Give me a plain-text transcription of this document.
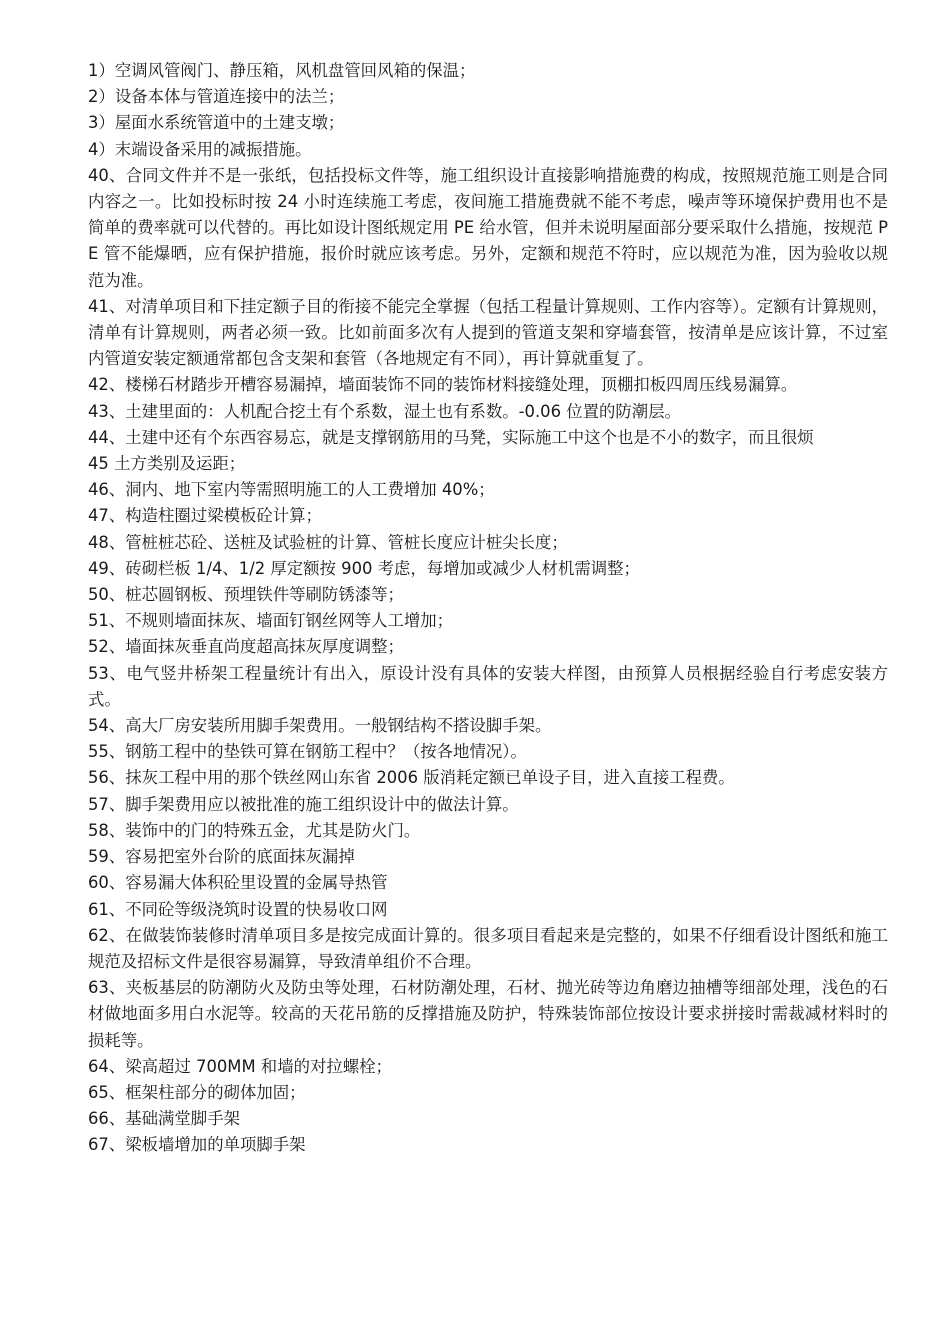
1）空调风管阀门、静压箱，风机盘管回风箱的保温；

2）设备本体与管道连接中的法兰；

3）屋面水系统管道中的土建支墩；

4）末端设备采用的减振措施。

40、合同文件并不是一张纸，包括投标文件等，施工组织设计直接影响措施费的构成，按照规范施工则是合同内容之一。比如投标时按 24 小时连续施工考虑，夜间施工措施费就不能不考虑，噪声等环境保护费用也不是简单的费率就可以代替的。再比如设计图纸规定用 PE 给水管，但并未说明屋面部分要采取什么措施，按规范 PE 管不能爆晒，应有保护措施，报价时就应该考虑。另外，定额和规范不符时，应以规范为准，因为验收以规范为准。

41、对清单项目和下挂定额子目的衔接不能完全掌握（包括工程量计算规则、工作内容等）。定额有计算规则，清单有计算规则，两者必须一致。比如前面多次有人提到的管道支架和穿墙套管，按清单是应该计算，不过室内管道安装定额通常都包含支架和套管（各地规定有不同），再计算就重复了。

42、楼梯石材踏步开槽容易漏掉，墙面装饰不同的装饰材料接缝处理，顶棚扣板四周压线易漏算。

43、土建里面的：人机配合挖土有个系数，湿土也有系数。-0.06 位置的防潮层。

44、土建中还有个东西容易忘，就是支撑钢筋用的马凳，实际施工中这个也是不小的数字，而且很烦

45 土方类别及运距；

46、洞内、地下室内等需照明施工的人工费增加 40%；

47、构造柱圈过梁模板砼计算；

48、管桩桩芯砼、送桩及试验桩的计算、管桩长度应计桩尖长度；

49、砖砌栏板 1/4、1/2 厚定额按 900 考虑，每增加或减少人材机需调整；

50、桩芯圆钢板、预埋铁件等刷防锈漆等；

51、不规则墙面抹灰、墙面钉钢丝网等人工增加；

52、墙面抹灰垂直尚度超高抹灰厚度调整；

53、电气竖井桥架工程量统计有出入，原设计没有具体的安装大样图，由预算人员根据经验自行考虑安装方式。

54、高大厂房安装所用脚手架费用。一般钢结构不搭设脚手架。

55、钢筋工程中的垫铁可算在钢筋工程中？（按各地情况）。

56、抹灰工程中用的那个铁丝网山东省 2006 版消耗定额已单设子目，进入直接工程费。

57、脚手架费用应以被批准的施工组织设计中的做法计算。

58、装饰中的门的特殊五金，尤其是防火门。

59、容易把室外台阶的底面抹灰漏掉

60、容易漏大体积砼里设置的金属导热管

61、不同砼等级浇筑时设置的快易收口网

62、在做装饰装修时清单项目多是按完成面计算的。很多项目看起来是完整的，如果不仔细看设计图纸和施工规范及招标文件是很容易漏算，导致清单组价不合理。

63、夹板基层的防潮防火及防虫等处理，石材防潮处理，石材、抛光砖等边角磨边抽槽等细部处理，浅色的石材做地面多用白水泥等。较高的天花吊筋的反撑措施及防护，特殊装饰部位按设计要求拼接时需裁减材料时的损耗等。

64、梁高超过 700MM 和墙的对拉螺栓；

65、框架柱部分的砌体加固；

66、基础满堂脚手架

67、梁板墙增加的单项脚手架
